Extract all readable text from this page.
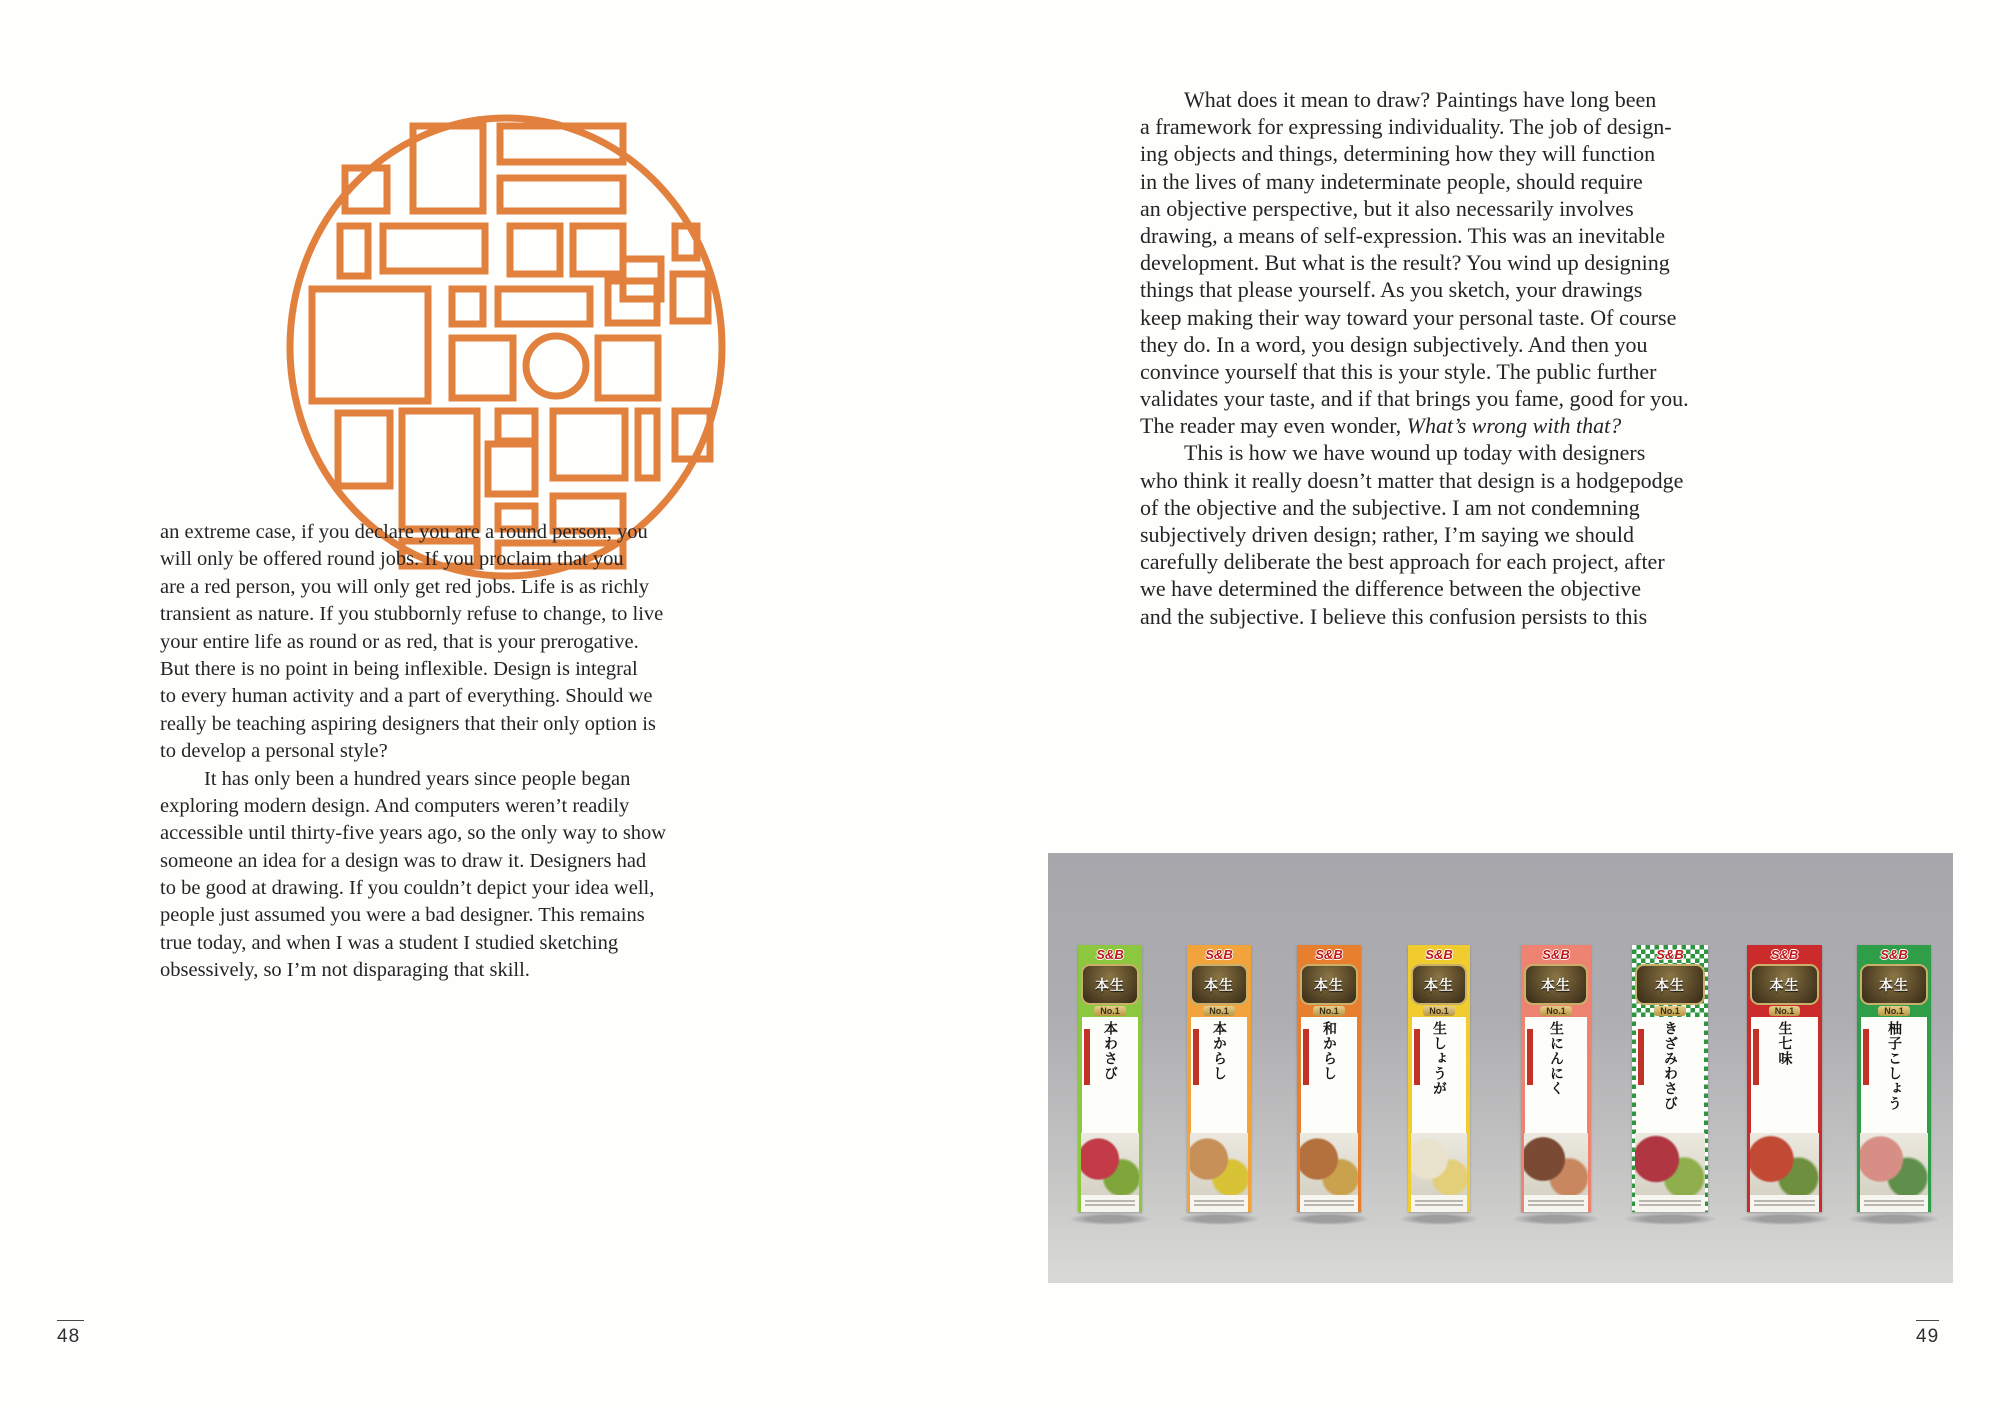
an extreme case, if you declare you are a round person, you
will only be offered round jobs. If you proclaim that you
are a red person, you will only get red jobs. Life is as richly
transient as nature. If you stubbornly refuse to change, to live
your entire life as round or as red, that is your prerogative.
But there is no point in being inflexible. Design is integral
to every human activity and a part of everything. Should we
really be teaching aspiring designers that their only option is
to develop a personal style?
It has only been a hundred years since people began
exploring modern design. And computers weren’t readily
accessible until thirty-five years ago, so the only way to show
someone an idea for a design was to draw it. Designers had
to be good at drawing. If you couldn’t depict your idea well,
people just assumed you were a bad designer. This remains
true today, and when I was a student I studied sketching
obsessively, so I’m not disparaging that skill.
What does it mean to draw? Paintings have long been
a framework for expressing individuality. The job of design-
ing objects and things, determining how they will function
in the lives of many indeterminate people, should require
an objective perspective, but it also necessarily involves
drawing, a means of self-expression. This was an inevitable
development. But what is the result? You wind up designing
things that please yourself. As you sketch, your drawings
keep making their way toward your personal taste. Of course
they do. In a word, you design subjectively. And then you
convince yourself that this is your style. The public further
validates your taste, and if that brings you fame, good for you.
The reader may even wonder, What’s wrong with that?
This is how we have wound up today with designers
who think it really doesn’t matter that design is a hodgepodge
of the objective and the subjective. I am not condemning
subjectively driven design; rather, I’m saying we should
carefully deliberate the best approach for each project, after
we have determined the difference between the objective
and the subjective. I believe this confusion persists to this
S&B
本生
No.1
本わさび
S&B
本生
No.1
本からし
S&B
本生
No.1
和からし
S&B
本生
No.1
生しょうが
S&B
本生
No.1
生にんにく
S&B
本生
No.1
きざみわさび
S&B
本生
No.1
生七味
S&B
本生
No.1
柚子こしょう
48	49
